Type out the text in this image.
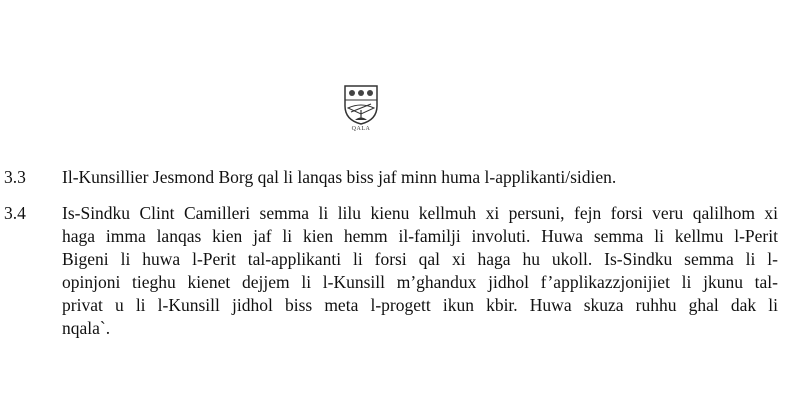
QALA
3.3 Il-Kunsillier Jesmond Borg qal li lanqas biss jaf minn huma l-applikanti/sidien.
3.4 Is-Sindku Clint Camilleri semma li lilu kienu kellmuh xi persuni, fejn forsi veru qalilhom xi
haga imma lanqas kien jaf li kien hemm il-familji involuti. Huwa semma li kellmu l-Perit
Bigeni li huwa l-Perit tal-applikanti li forsi qal xi haga hu ukoll. Is-Sindku semma li l-
opinjoni tieghu kienet dejjem li l-Kunsill m’ghandux jidhol f’applikazzjonijiet li jkunu tal-
privat u li l-Kunsill jidhol biss meta l-progett ikun kbir. Huwa skuza ruhhu ghal dak li
nqala`.
